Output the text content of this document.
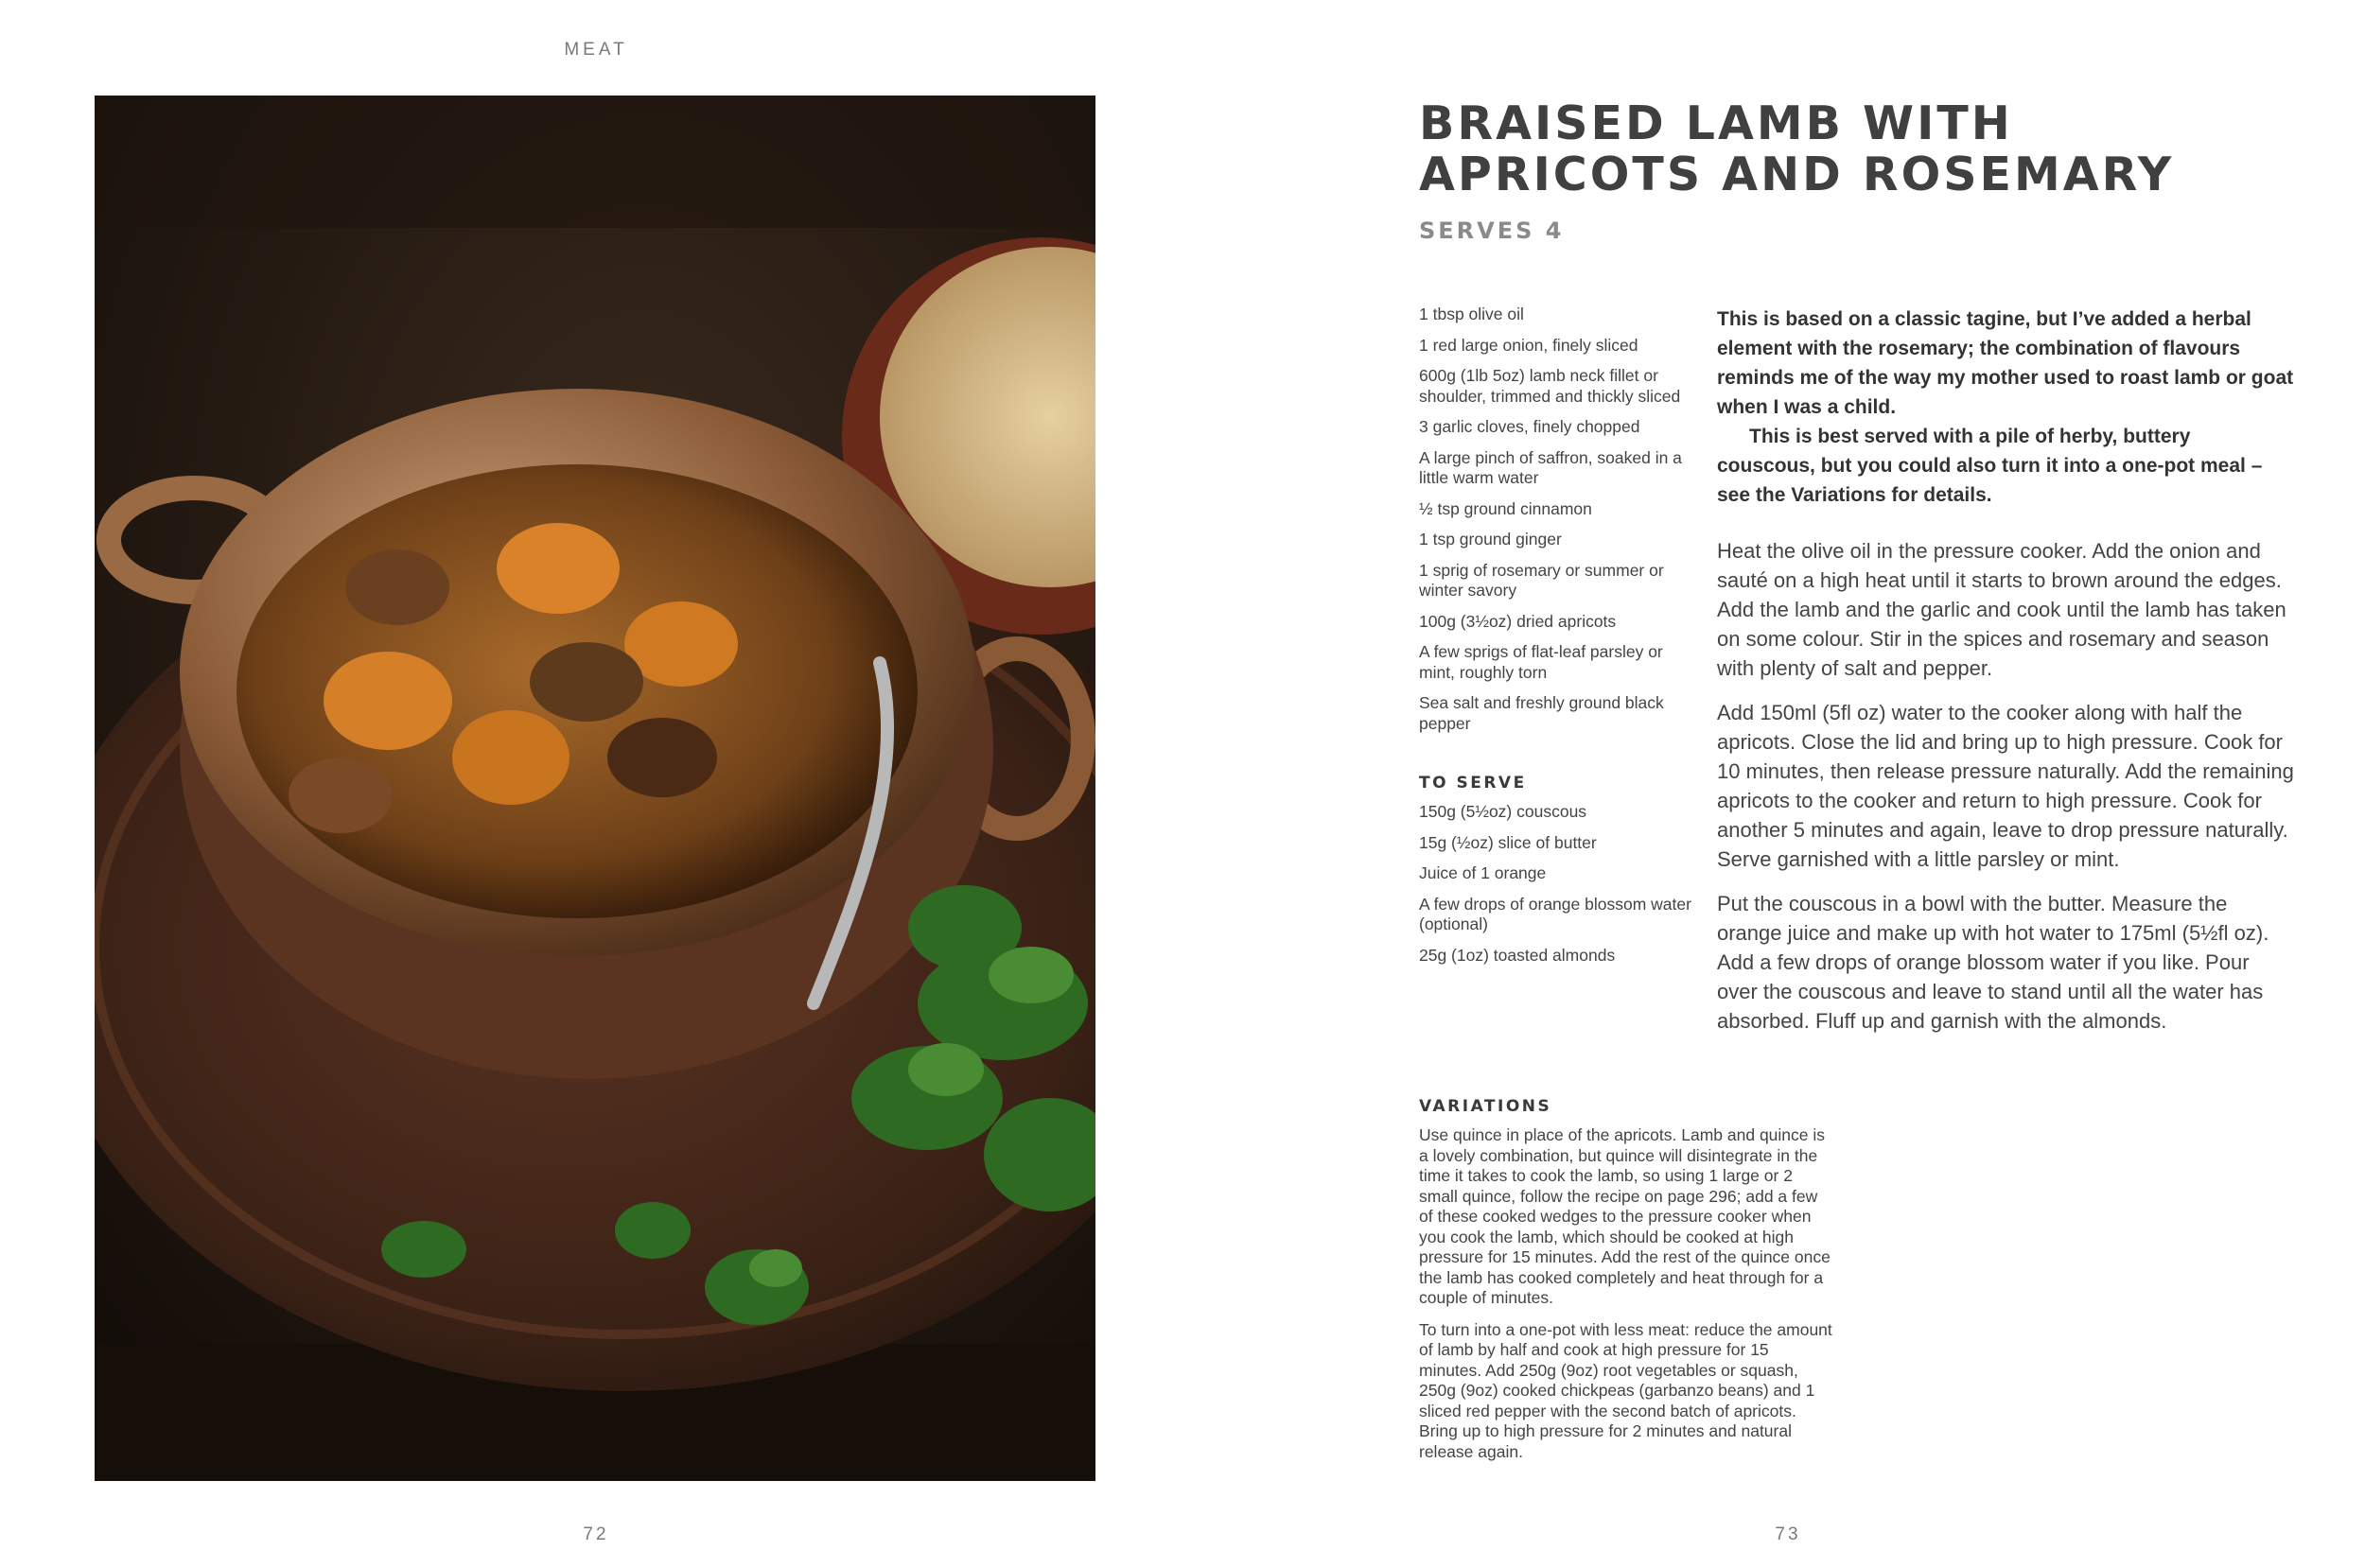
MEAT
72
BRAISED LAMB WITH
APRICOTS AND ROSEMARY
SERVES 4

1 tbsp olive oil

1 red large onion, finely sliced

600g (1lb 5oz) lamb neck fillet or shoulder, trimmed and thickly sliced

3 garlic cloves, finely chopped

A large pinch of saffron, soaked in a little warm water

½ tsp ground cinnamon

1 tsp ground ginger

1 sprig of rosemary or summer or winter savory

100g (3½oz) dried apricots

A few sprigs of flat-leaf parsley or mint, roughly torn

Sea salt and freshly ground black pepper

TO SERVE

150g (5½oz) couscous

15g (½oz) slice of butter

Juice of 1 orange

A few drops of orange blossom water (optional)

25g (1oz) toasted almonds

This is based on a classic tagine, but I’ve added a herbal element with the rosemary; the combination of flavours reminds me of the way my mother used to roast lamb or goat when I was a child.

This is best served with a pile of herby, buttery couscous, but you could also turn it into a one-pot meal – see the Variations for details.

Heat the olive oil in the pressure cooker. Add the onion and sauté on a high heat until it starts to brown around the edges. Add the lamb and the garlic and cook until the lamb has taken on some colour. Stir in the spices and rosemary and season with plenty of salt and pepper.

Add 150ml (5fl oz) water to the cooker along with half the apricots. Close the lid and bring up to high pressure. Cook for 10 minutes, then release pressure naturally. Add the remaining apricots to the cooker and return to high pressure. Cook for another 5 minutes and again, leave to drop pressure naturally. Serve garnished with a little parsley or mint.

Put the couscous in a bowl with the butter. Measure the orange juice and make up with hot water to 175ml (5½fl oz). Add a few drops of orange blossom water if you like. Pour over the couscous and leave to stand until all the water has absorbed. Fluff up and garnish with the almonds.

VARIATIONS

Use quince in place of the apricots. Lamb and quince is a lovely combination, but quince will disintegrate in the time it takes to cook the lamb, so using 1 large or 2 small quince, follow the recipe on page 296; add a few of these cooked wedges to the pressure cooker when you cook the lamb, which should be cooked at high pressure for 15 minutes. Add the rest of the quince once the lamb has cooked completely and heat through for a couple of minutes.

To turn into a one-pot with less meat: reduce the amount of lamb by half and cook at high pressure for 15 minutes. Add 250g (9oz) root vegetables or squash, 250g (9oz) cooked chickpeas (garbanzo beans) and 1 sliced red pepper with the second batch of apricots. Bring up to high pressure for 2 minutes and natural release again.

73
